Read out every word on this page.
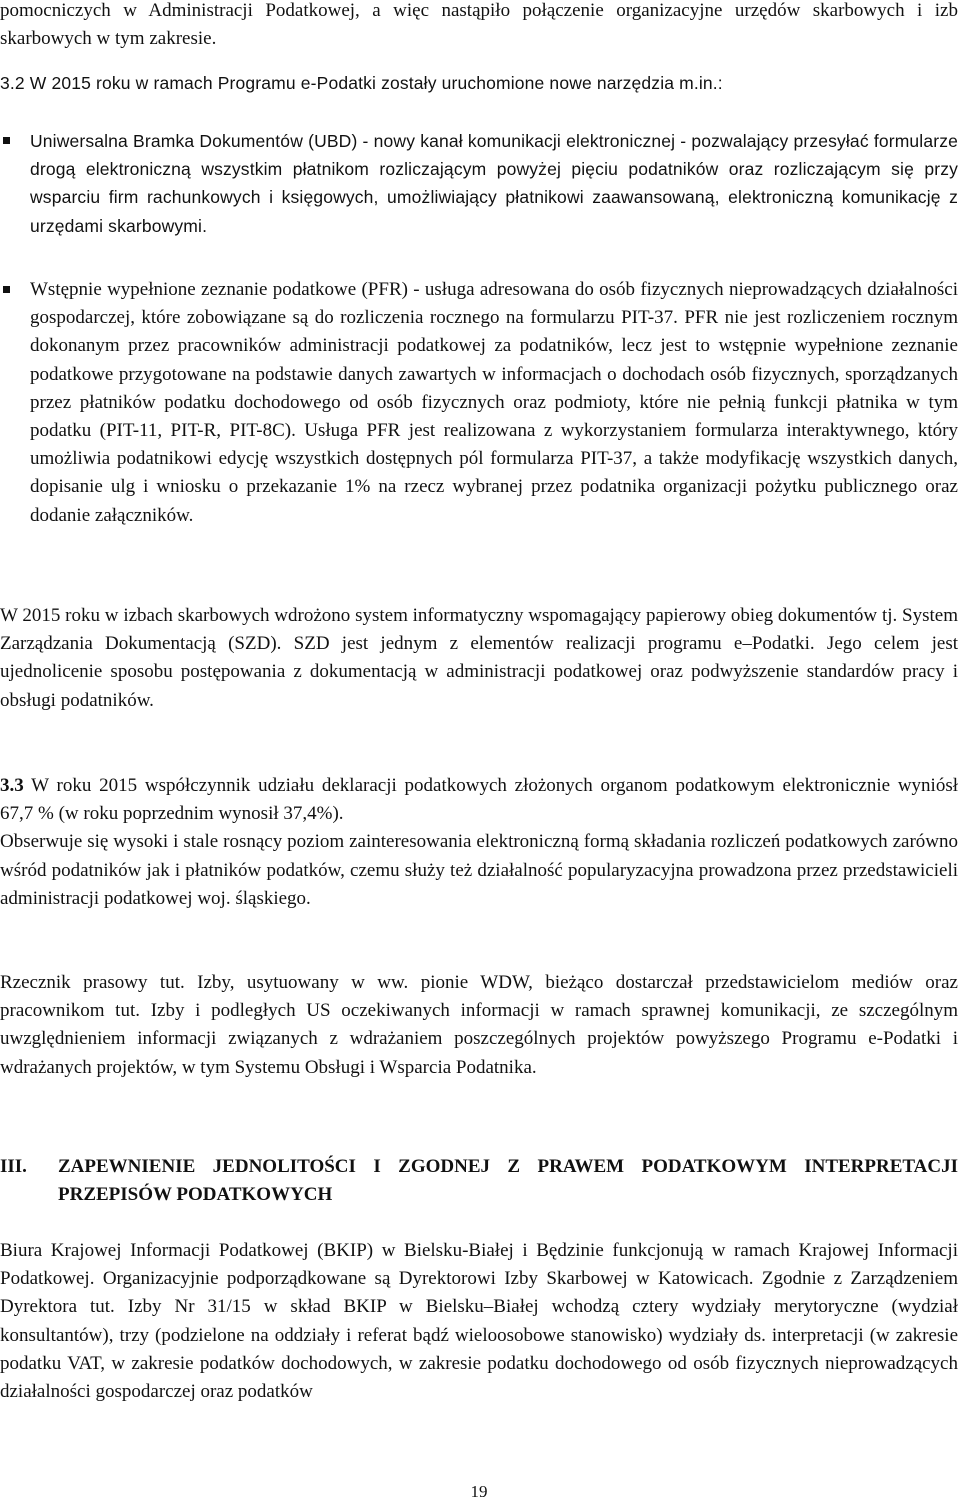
pomocniczych w Administracji Podatkowej, a więc nastąpiło połączenie organizacyjne urzędów skarbowych i izb skarbowych w tym zakresie.

3.2 W 2015 roku w ramach Programu e-Podatki zostały uruchomione nowe narzędzia m.in.:

Uniwersalna Bramka Dokumentów (UBD) - nowy kanał komunikacji elektronicznej - pozwalający przesyłać formularze drogą elektroniczną wszystkim płatnikom rozliczającym powyżej pięciu podatników oraz rozliczającym się przy wsparciu firm rachunkowych i księgowych, umożliwiający płatnikowi zaawansowaną, elektroniczną komunikację z urzędami skarbowymi.

Wstępnie wypełnione zeznanie podatkowe (PFR) - usługa adresowana do osób fizycznych nieprowadzących działalności gospodarczej, które zobowiązane są do rozliczenia rocznego na formularzu PIT-37. PFR nie jest rozliczeniem rocznym dokonanym przez pracowników administracji podatkowej za podatników, lecz jest to wstępnie wypełnione zeznanie podatkowe przygotowane na podstawie danych zawartych w informacjach o dochodach osób fizycznych, sporządzanych przez płatników podatku dochodowego od osób fizycznych oraz podmioty, które nie pełnią funkcji płatnika w tym podatku (PIT-11, PIT-R, PIT-8C). Usługa PFR jest realizowana z wykorzystaniem formularza interaktywnego, który umożliwia podatnikowi edycję wszystkich dostępnych pól formularza PIT-37, a także modyfikację wszystkich danych, dopisanie ulg i wniosku o przekazanie 1% na rzecz wybranej przez podatnika organizacji pożytku publicznego oraz dodanie załączników.

W 2015 roku w izbach skarbowych wdrożono system informatyczny wspomagający papierowy obieg dokumentów tj. System Zarządzania Dokumentacją (SZD). SZD jest jednym z elementów realizacji programu e–Podatki. Jego celem jest ujednolicenie sposobu postępowania z dokumentacją w administracji podatkowej oraz podwyższenie standardów pracy i obsługi podatników.

3.3 W roku 2015 współczynnik udziału deklaracji podatkowych złożonych organom podatkowym elektronicznie wyniósł 67,7 % (w roku poprzednim wynosił 37,4%).

Obserwuje się wysoki i stale rosnący poziom zainteresowania elektroniczną formą składania rozliczeń podatkowych zarówno wśród podatników jak i płatników podatków, czemu służy też działalność popularyzacyjna prowadzona przez przedstawicieli administracji podatkowej woj. śląskiego.

Rzecznik prasowy tut. Izby, usytuowany w ww. pionie WDW, bieżąco dostarczał przedstawicielom mediów oraz pracownikom tut. Izby i podległych US oczekiwanych informacji w ramach sprawnej komunikacji, ze szczególnym uwzględnieniem informacji związanych z wdrażaniem poszczególnych projektów powyższego Programu e-Podatki i wdrażanych projektów, w tym Systemu Obsługi i Wsparcia Podatnika.

III.	ZAPEWNIENIE JEDNOLITOŚCI I ZGODNEJ Z PRAWEM PODATKOWYM INTERPRETACJI PRZEPISÓW PODATKOWYCH

Biura Krajowej Informacji Podatkowej (BKIP) w Bielsku-Białej i Będzinie funkcjonują w ramach Krajowej Informacji Podatkowej. Organizacyjnie podporządkowane są Dyrektorowi Izby Skarbowej w Katowicach. Zgodnie z Zarządzeniem Dyrektora tut. Izby Nr 31/15 w skład BKIP w Bielsku–Białej wchodzą cztery wydziały merytoryczne (wydział konsultantów), trzy (podzielone na oddziały i referat bądź wieloosobowe stanowisko) wydziały ds. interpretacji (w zakresie podatku VAT, w zakresie podatków dochodowych, w zakresie podatku dochodowego od osób fizycznych nieprowadzących działalności gospodarczej oraz podatków

19
